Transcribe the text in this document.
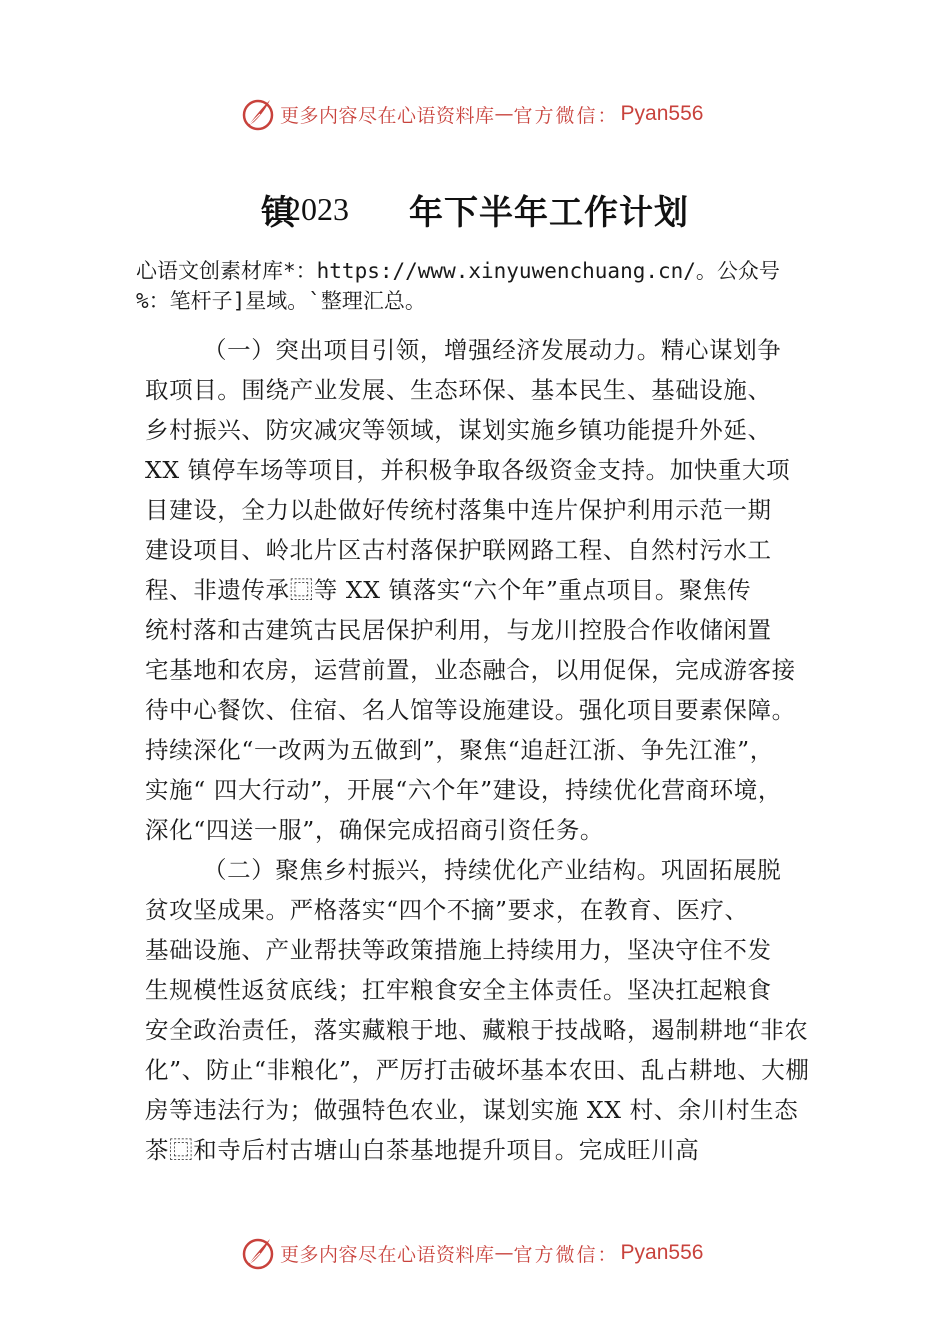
更多内容尽在心语资料库 — 官方微信： Pyan556
镇
2023 年下半年工作计划
心语文创素材库*：https://www.xinyuwenchuang.cn/。公众号
%：笔杆子]星域。`整理汇总。
（一）突出项目引领，增强经济发展动力。精心谋划争
取项目。围绕产业发展、生态环保、基本民生、基础设施、
乡村振兴、防灾减灾等领域，谋划实施乡镇功能提升外延、
XX 镇停车场等项目，并积极争取各级资金支持。加快重大项
目建设，全力以赴做好传统村落集中连片保护利用示范一期
建设项目、岭北片区古村落保护联网路工程、自然村污水工
程、非遗传承⿴等 XX 镇落实“六个年”重点项目。聚焦传
统村落和古建筑古民居保护利用，与龙川控股合作收储闲置
宅基地和农房，运营前置，业态融合，以用促保，完成游客接
待中心餐饮、住宿、名人馆等设施建设。强化项目要素保障。
持续深化“一改两为五做到”，聚焦“追赶江浙、争先江淮”，
实施“ 四大行动”，开展“六个年”建设，持续优化营商环境，
深化“四送一服”，确保完成招商引资任务。
（二）聚焦乡村振兴，持续优化产业结构。巩固拓展脱
贫攻坚成果。严格落实“四个不摘”要求，在教育、医疗、
基础设施、产业帮扶等政策措施上持续用力，坚决守住不发
生规模性返贫底线；扛牢粮食安全主体责任。坚决扛起粮食
安全政治责任，落实藏粮于地、藏粮于技战略，遏制耕地“非农
化”、防止“非粮化”，严厉打击破坏基本农田、乱占耕地、大棚
房等违法行为；做强特色农业，谋划实施 XX 村、余川村生态
茶⿴和寺后村古塘山白茶基地提升项目。完成旺川高
更多内容尽在心语资料库 — 官方微信： Pyan556
